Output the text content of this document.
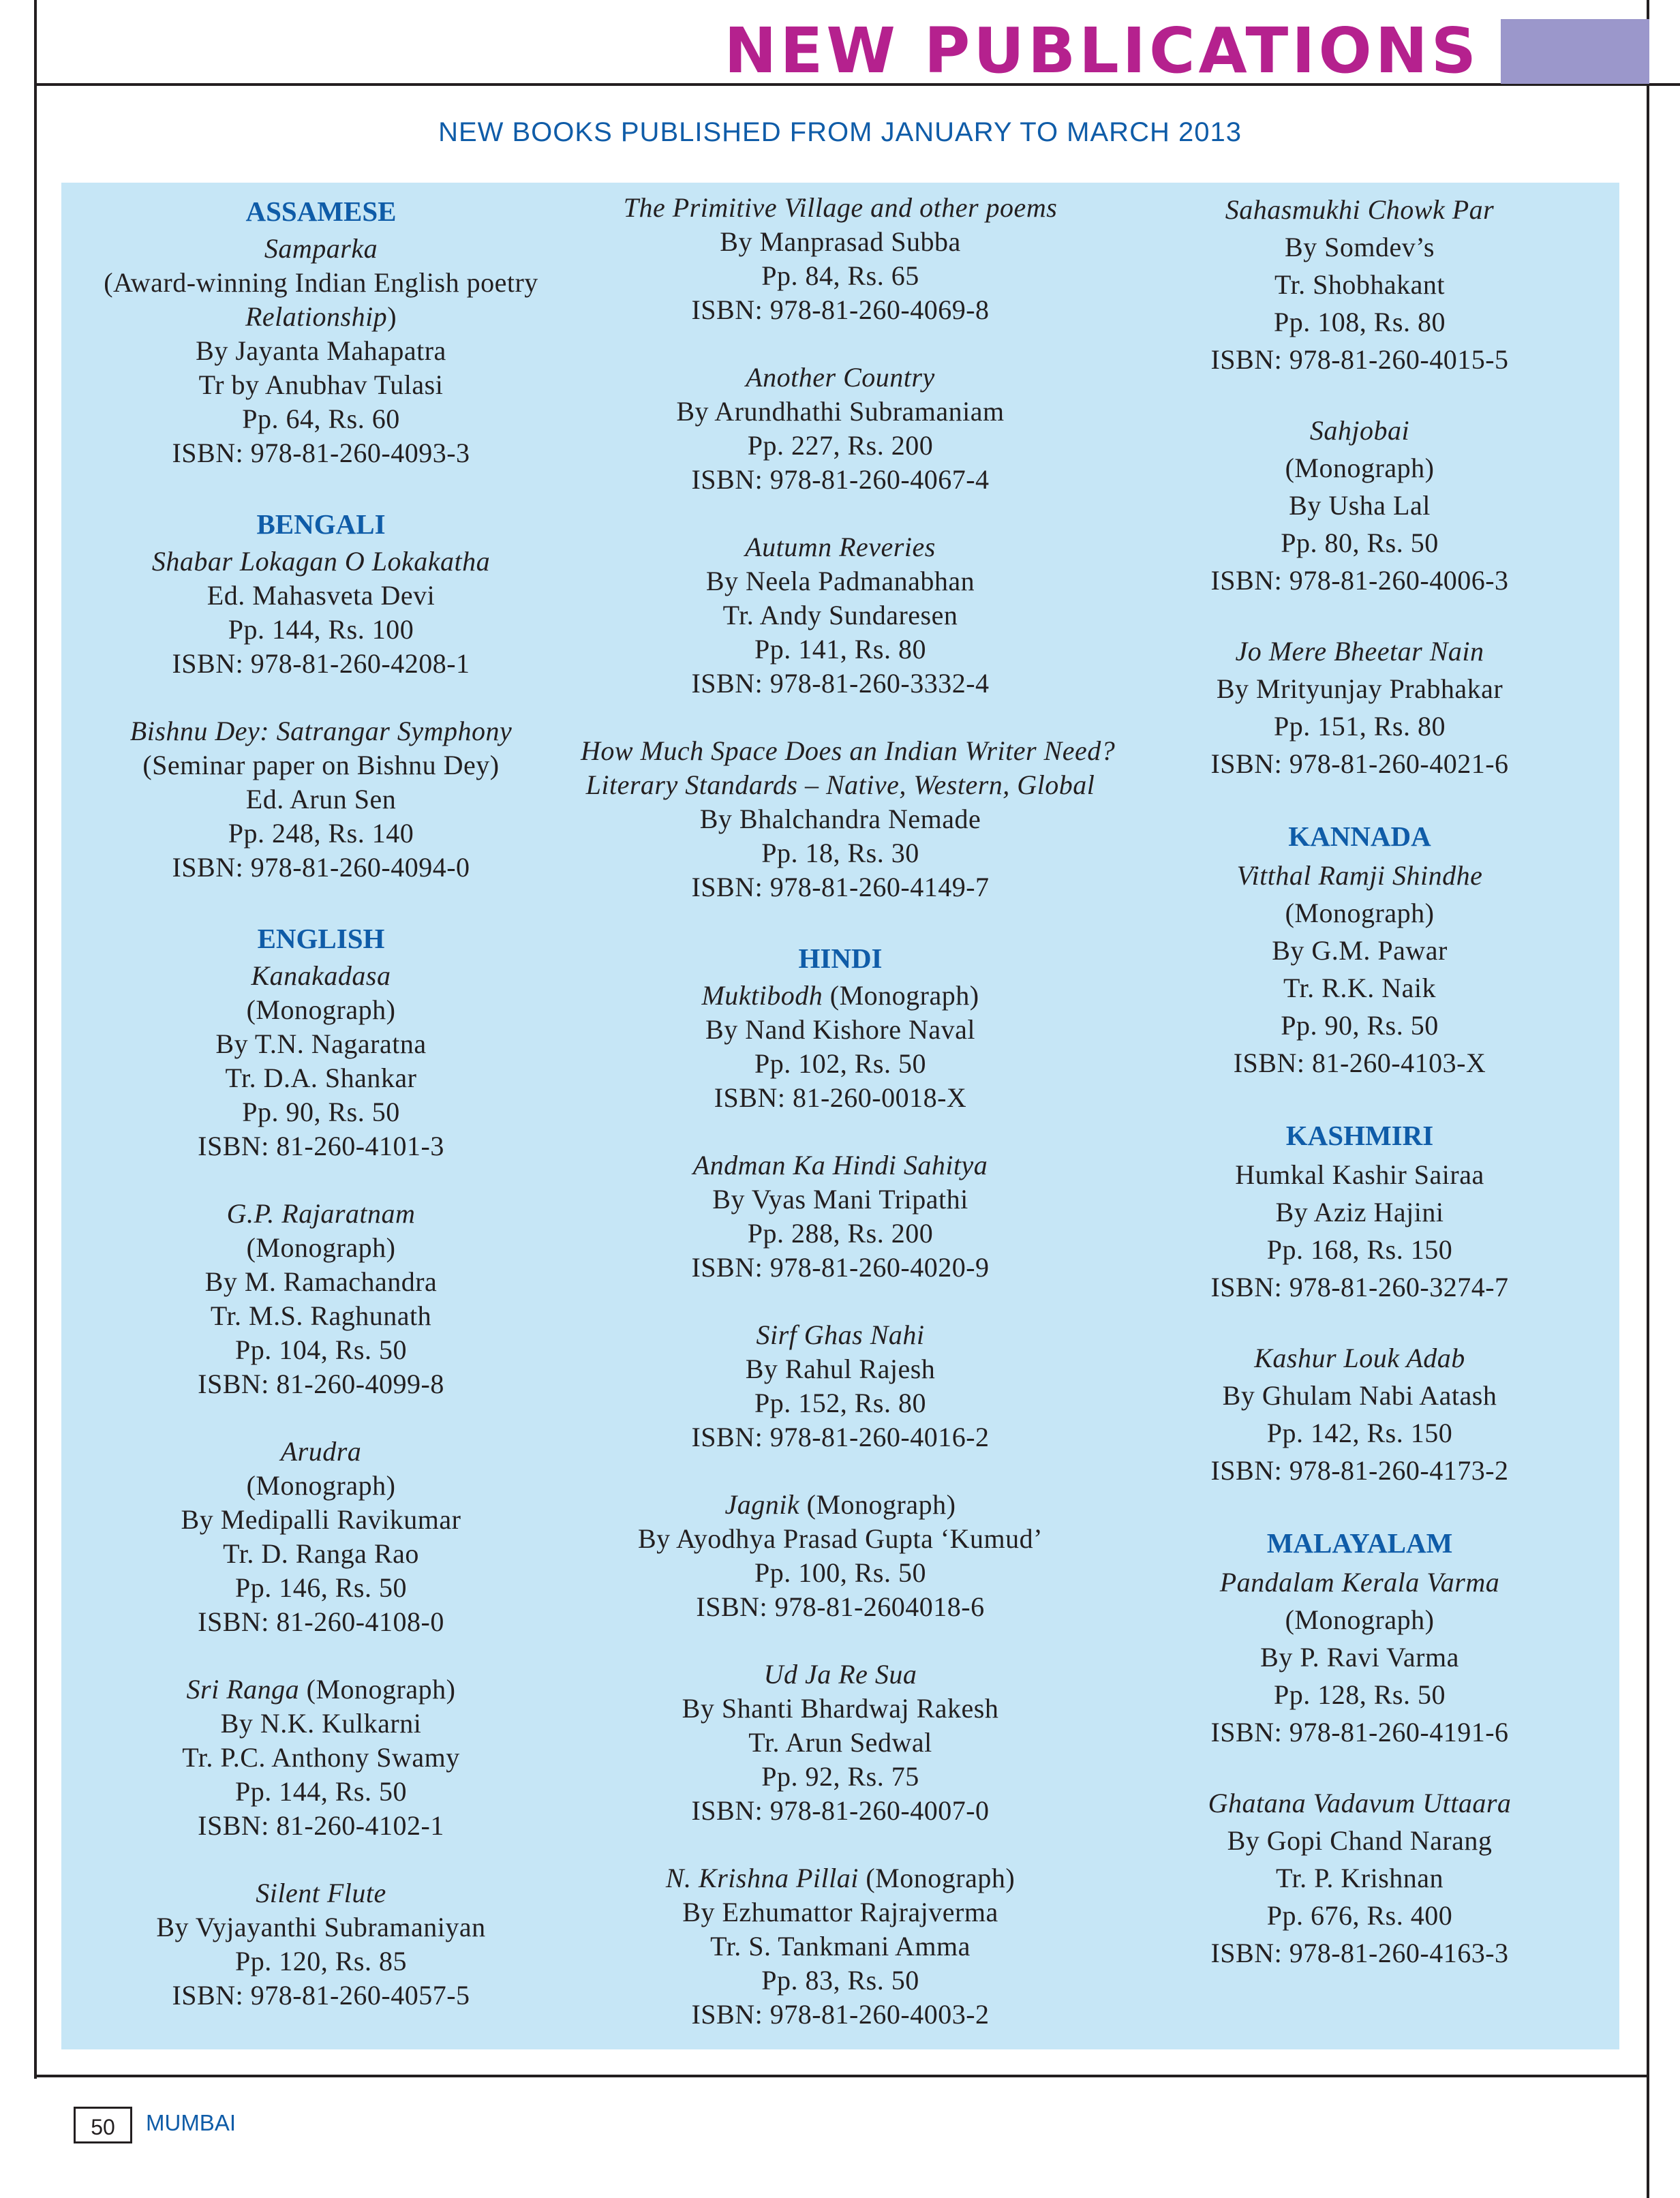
NEW PUBLICATIONS
NEW BOOKS PUBLISHED FROM JANUARY TO MARCH 2013
ASSAMESE
Samparka
(Award-winning Indian English poetry
Relationship)
By Jayanta Mahapatra
Tr by Anubhav Tulasi
Pp. 64, Rs. 60
ISBN: 978-81-260-4093-3
BENGALI
Shabar Lokagan O Lokakatha
Ed. Mahasveta Devi
Pp. 144, Rs. 100
ISBN: 978-81-260-4208-1
Bishnu Dey: Satrangar Symphony
(Seminar paper on Bishnu Dey)
Ed. Arun Sen
Pp. 248, Rs. 140
ISBN: 978-81-260-4094-0
ENGLISH
Kanakadasa
(Monograph)
By T.N. Nagaratna
Tr. D.A. Shankar
Pp. 90, Rs. 50
ISBN: 81-260-4101-3
G.P. Rajaratnam
(Monograph)
By M. Ramachandra
Tr. M.S. Raghunath
Pp. 104, Rs. 50
ISBN: 81-260-4099-8
Arudra
(Monograph)
By Medipalli Ravikumar
Tr. D. Ranga Rao
Pp. 146, Rs. 50
ISBN: 81-260-4108-0
Sri Ranga (Monograph)
By N.K. Kulkarni
Tr. P.C. Anthony Swamy
Pp. 144, Rs. 50
ISBN: 81-260-4102-1
Silent Flute
By Vyjayanthi Subramaniyan
Pp. 120, Rs. 85
ISBN: 978-81-260-4057-5
The Primitive Village and other poems
By Manprasad Subba
Pp. 84, Rs. 65
ISBN: 978-81-260-4069-8
Another Country
By Arundhathi Subramaniam
Pp. 227, Rs. 200
ISBN: 978-81-260-4067-4
Autumn Reveries
By Neela Padmanabhan
Tr. Andy Sundaresen
Pp. 141, Rs. 80
ISBN: 978-81-260-3332-4
How Much Space Does an Indian Writer Need?
Literary Standards – Native, Western, Global
By Bhalchandra Nemade
Pp. 18, Rs. 30
ISBN: 978-81-260-4149-7
HINDI
Muktibodh (Monograph)
By Nand Kishore Naval
Pp. 102, Rs. 50
ISBN: 81-260-0018-X
Andman Ka Hindi Sahitya
By Vyas Mani Tripathi
Pp. 288, Rs. 200
ISBN: 978-81-260-4020-9
Sirf Ghas Nahi
By Rahul Rajesh
Pp. 152, Rs. 80
ISBN: 978-81-260-4016-2
Jagnik (Monograph)
By Ayodhya Prasad Gupta ‘Kumud’
Pp. 100, Rs. 50
ISBN: 978-81-2604018-6
Ud Ja Re Sua
By Shanti Bhardwaj Rakesh
Tr. Arun Sedwal
Pp. 92, Rs. 75
ISBN: 978-81-260-4007-0
N. Krishna Pillai (Monograph)
By Ezhumattor Rajrajverma
Tr. S. Tankmani Amma
Pp. 83, Rs. 50
ISBN: 978-81-260-4003-2
Sahasmukhi Chowk Par
By Somdev’s
Tr. Shobhakant
Pp. 108, Rs. 80
ISBN: 978-81-260-4015-5
Sahjobai
(Monograph)
By Usha Lal
Pp. 80, Rs. 50
ISBN: 978-81-260-4006-3
Jo Mere Bheetar Nain
By Mrityunjay Prabhakar
Pp. 151, Rs. 80
ISBN: 978-81-260-4021-6
KANNADA
Vitthal Ramji Shindhe
(Monograph)
By G.M. Pawar
Tr. R.K. Naik
Pp. 90, Rs. 50
ISBN: 81-260-4103-X
KASHMIRI
Humkal Kashir Sairaa
By Aziz Hajini
Pp. 168, Rs. 150
ISBN: 978-81-260-3274-7
Kashur Louk Adab
By Ghulam Nabi Aatash
Pp. 142, Rs. 150
ISBN: 978-81-260-4173-2
MALAYALAM
Pandalam Kerala Varma
(Monograph)
By P. Ravi Varma
Pp. 128, Rs. 50
ISBN: 978-81-260-4191-6
Ghatana Vadavum Uttaara
By Gopi Chand Narang
Tr. P. Krishnan
Pp. 676, Rs. 400
ISBN: 978-81-260-4163-3
50	MUMBAI
